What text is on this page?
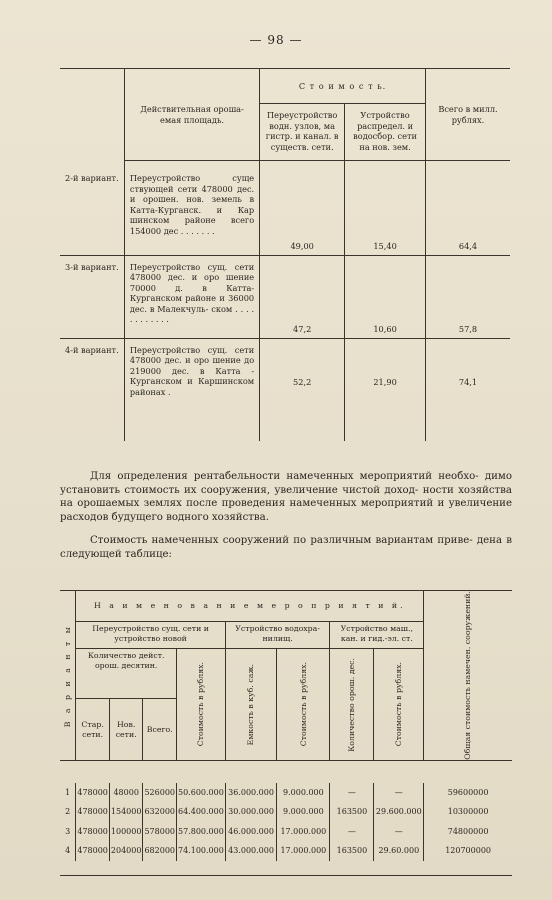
— 98 —

	Действительная ороша-
емая площадь.	С т о и м о с т ь.		Всего в милл. рублях.
		Переустройство водн. узлов, ма гистр. и канал. в существ. сети.	Устройство распредел. и водосбор. сети на нов. зем.	
2-й вариант.	Переустройство суще ствующей сети 478000 дес. и орошен. нов. земель в Катта-Курганск. и Кар шинском районе всего 154000 дес . . . . . . .	49,00	15,40	64,4
3-й вариант.	Переустройство сущ. сети 478000 дес. и оро шение 70000 д. в Катта- Курганском районе и 36000 дес. в Малекчуль- ском . . . . . . . . . . . .	47,2	10,60	57,8
4-й вариант.	Переустройство сущ. сети 478000 дес. и оро шение до 219000 дес. в Катта - Курганском и Каршинском районах .	52,2	21,90	74,1

Для определения рентабельности намеченных мероприятий необхо- димо установить стоимость их сооружения, увеличение чистой доход- ности хозяйства на орошаемых землях после проведения намеченных мероприятий и увеличение расходов будущего водного хозяйства.

Стоимость намеченных сооружений по различным вариантам приве- дена в следующей таблице:

В а р и а н т ы	Н а и м е н о в а н и е м е р о п р и я т и й.								Общая стоимость намечен. сооружений.

	Переустройство сущ. сети и устройство новой				Устройство водохра- нилищ.		Устройство маш., кан. и гид.-эл. ст.		
	Количество дейст. орош. десятин.			Стоимость в рублях.	Емкость в куб. саж.	Стоимость в рублях.	Количество орош. дес.	Стоимость в рублях.	

	Стар. сети.	Нов. сети.	Всего.						

1	478000	48000	526000	50.600.000	36.000.000	9.000.000	—	—	59600000
2	478000	154000	632000	64.400.000	30.000.000	9.000.000	163500	29.600.000	10300000
3	478000	100000	578000	57.800.000	46.000.000	17.000.000	—	—	74800000
4	478000	204000	682000	74.100.000	43.000.000	17.000.000	163500	29.60.000	120700000
